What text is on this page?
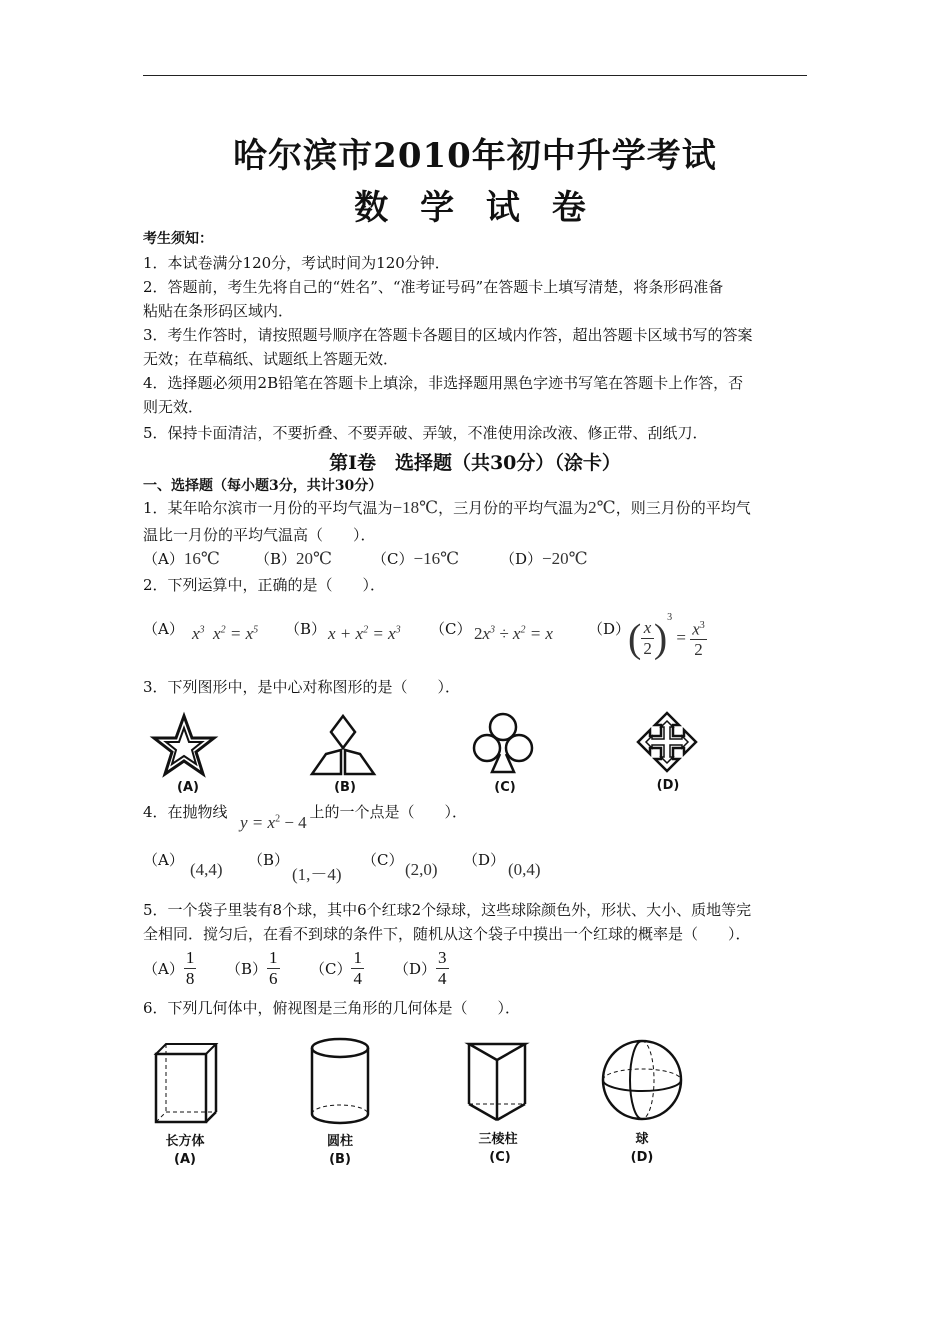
哈尔滨市2010年初中升学考试
数 学 试 卷
考生须知：
1．本试卷满分120分，考试时间为120分钟．
2．答题前，考生先将自己的“姓名”、“准考证号码”在答题卡上填写清楚，将条形码准备
粘贴在条形码区域内．
3．考生作答时，请按照题号顺序在答题卡各题目的区域内作答，超出答题卡区域书写的答案
无效；在草稿纸、试题纸上答题无效．
4．选择题必须用2B铅笔在答题卡上填涂，非选择题用黑色字迹书写笔在答题卡上作答，否
则无效．
5．保持卡面清洁，不要折叠、不要弄破、弄皱，不准使用涂改液、修正带、刮纸刀．
第Ⅰ卷　选择题（共30分）（涂卡）
一、选择题（每小题3分，共计30分）
1．某年哈尔滨市一月份的平均气温为−18℃，三月份的平均气温为2℃，则三月份的平均气
温比一月份的平均气温高（　　）．
（A）16℃ （B）20℃	（C）−16℃	（D）−20℃
2．下列运算中，正确的是（　　）．
（A） $x^3$  $x^2 = x^5$ （B） $x + x^2 = x^3$ （C） $2x^3 \div x^2 = x$ （D）
( $\frac{x}{2} )^3 = \frac{x^3}{2}$
3．下列图形中，是中心对称图形的是（　　）．
(A)	(B)	(C)	(D)
4．在抛物线	上的一个点是（　　）．
$y = x^2 - 4$
（A） (4,4) （B）
(1,－4)
（C） (2,0) （D） (0,4)
5．一个袋子里装有8个球，其中6个红球2个绿球，这些球除颜色外，形状、大小、质地等完
全相同．搅匀后，在看不到球的条件下，随机从这个袋子中摸出一个红球的概率是（　　）．
$(A) \frac{1}{8} (B) \frac{1}{6} (C) \frac{1}{4} (D) \frac{3}{4}$
6．下列几何体中，俯视图是三角形的几何体是（　　）．
长方体
(A)
圆柱
(B)
三棱柱
(C)
球
(D)
